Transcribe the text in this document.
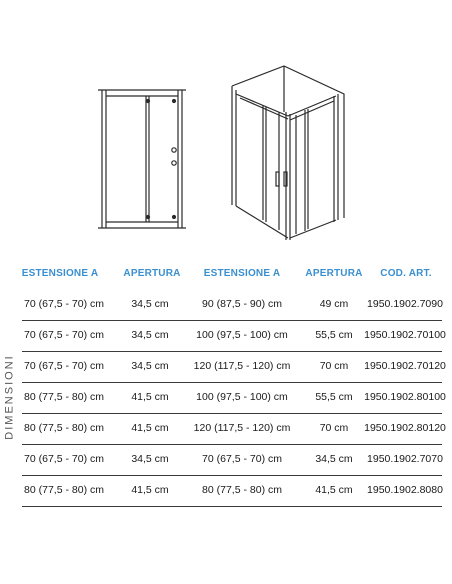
DIMENSIONI
ESTENSIONE A	APERTURA ESTENSIONE A	APERTURA COD. ART.
70 (67,5 - 70) cm	34,5 cm	90 (87,5 - 90) cm	49 cm 1950.1902.7090
70 (67,5 - 70) cm	34,5 cm	100 (97,5 - 100) cm	55,5 cm 1950.1902.70100
70 (67,5 - 70) cm	34,5 cm 120 (117,5 - 120) cm	70 cm 1950.1902.70120
80 (77,5 - 80) cm	41,5 cm	100 (97,5 - 100) cm	55,5 cm 1950.1902.80100
80 (77,5 - 80) cm	41,5 cm 120 (117,5 - 120) cm	70 cm 1950.1902.80120
70 (67,5 - 70) cm	34,5 cm	70 (67,5 - 70) cm	34,5 cm 1950.1902.7070
80 (77,5 - 80) cm	41,5 cm	80 (77,5 - 80) cm	41,5 cm 1950.1902.8080
